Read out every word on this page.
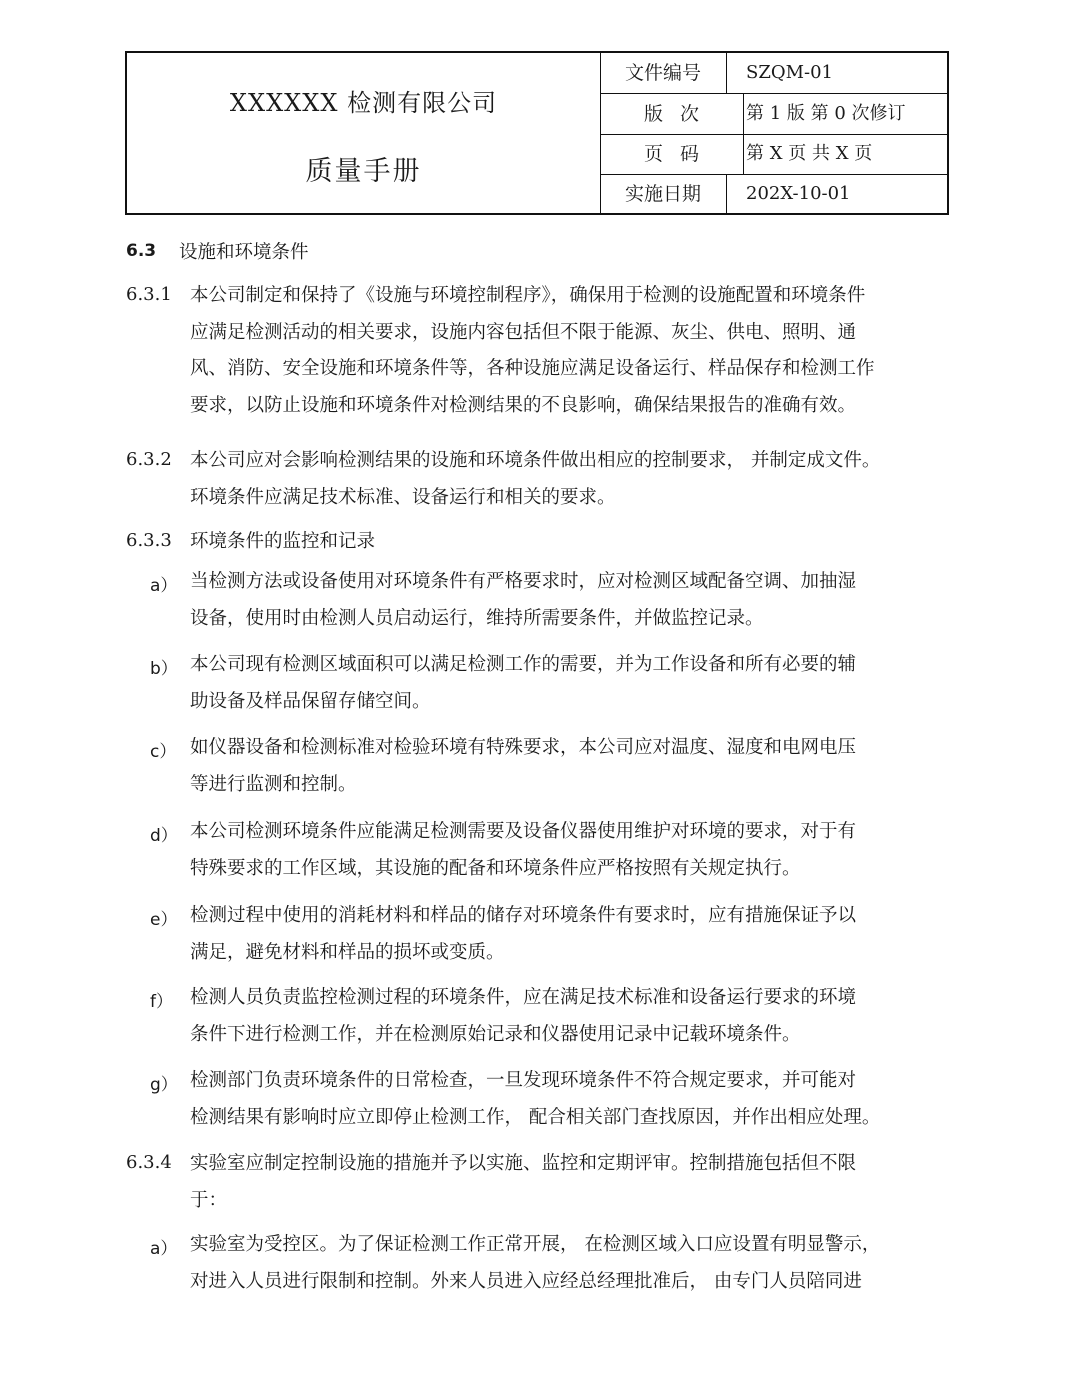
XXXXXX 检测有限公司
质量手册
文件编号	SZQM-01
版次	第 1 版 第 0 次修订
页码	第 X 页 共 X 页
实施日期	202X-10-01
6.3 设施和环境条件
6.3.1 本公司制定和保持了《设施与环境控制程序》，确保用于检测的设施配置和环境条件
应满足检测活动的相关要求，设施内容包括但不限于能源、灰尘、供电、照明、通
风、消防、安全设施和环境条件等，各种设施应满足设备运行、样品保存和检测工作
要求，以防止设施和环境条件对检测结果的不良影响，确保结果报告的准确有效。
6.3.2 本公司应对会影响检测结果的设施和环境条件做出相应的控制要求， 并制定成文件。
环境条件应满足技术标准、设备运行和相关的要求。
6.3.3 环境条件的监控和记录
a） 当检测方法或设备使用对环境条件有严格要求时，应对检测区域配备空调、加抽湿
设备，使用时由检测人员启动运行，维持所需要条件，并做监控记录。
b） 本公司现有检测区域面积可以满足检测工作的需要，并为工作设备和所有必要的辅
助设备及样品保留存储空间。
c） 如仪器设备和检测标准对检验环境有特殊要求，本公司应对温度、湿度和电网电压
等进行监测和控制。
d） 本公司检测环境条件应能满足检测需要及设备仪器使用维护对环境的要求，对于有
特殊要求的工作区域，其设施的配备和环境条件应严格按照有关规定执行。
e） 检测过程中使用的消耗材料和样品的储存对环境条件有要求时，应有措施保证予以
满足，避免材料和样品的损坏或变质。
f） 检测人员负责监控检测过程的环境条件，应在满足技术标准和设备运行要求的环境
条件下进行检测工作，并在检测原始记录和仪器使用记录中记载环境条件。
g） 检测部门负责环境条件的日常检查，一旦发现环境条件不符合规定要求，并可能对
检测结果有影响时应立即停止检测工作， 配合相关部门查找原因，并作出相应处理。
6.3.4 实验室应制定控制设施的措施并予以实施、监控和定期评审。控制措施包括但不限
于：
a） 实验室为受控区。为了保证检测工作正常开展， 在检测区域入口应设置有明显警示，
对进入人员进行限制和控制。外来人员进入应经总经理批准后， 由专门人员陪同进
